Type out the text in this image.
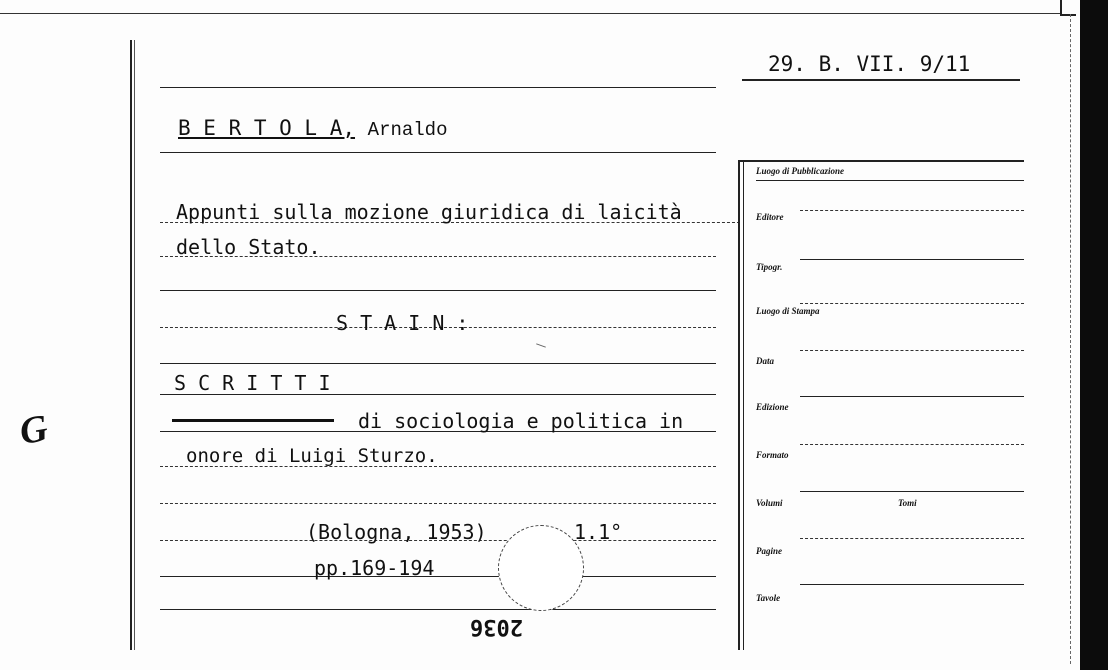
29. B. VII. 9/11
B E R T O L A, Arnaldo
Appunti sulla mozione giuridica di laicità
dello Stato.
S T A I N :
S C R I T T I
di sociologia e politica in
onore di Luigi Sturzo.
(Bologna, 1953)	1.1°
pp.169-194
2036
G
Luogo di Pubblicazione
Editore
Tipogr.
Luogo di Stampa
Data
Edizione
Formato
Volumi	Tomi
Pagine
Tavole
